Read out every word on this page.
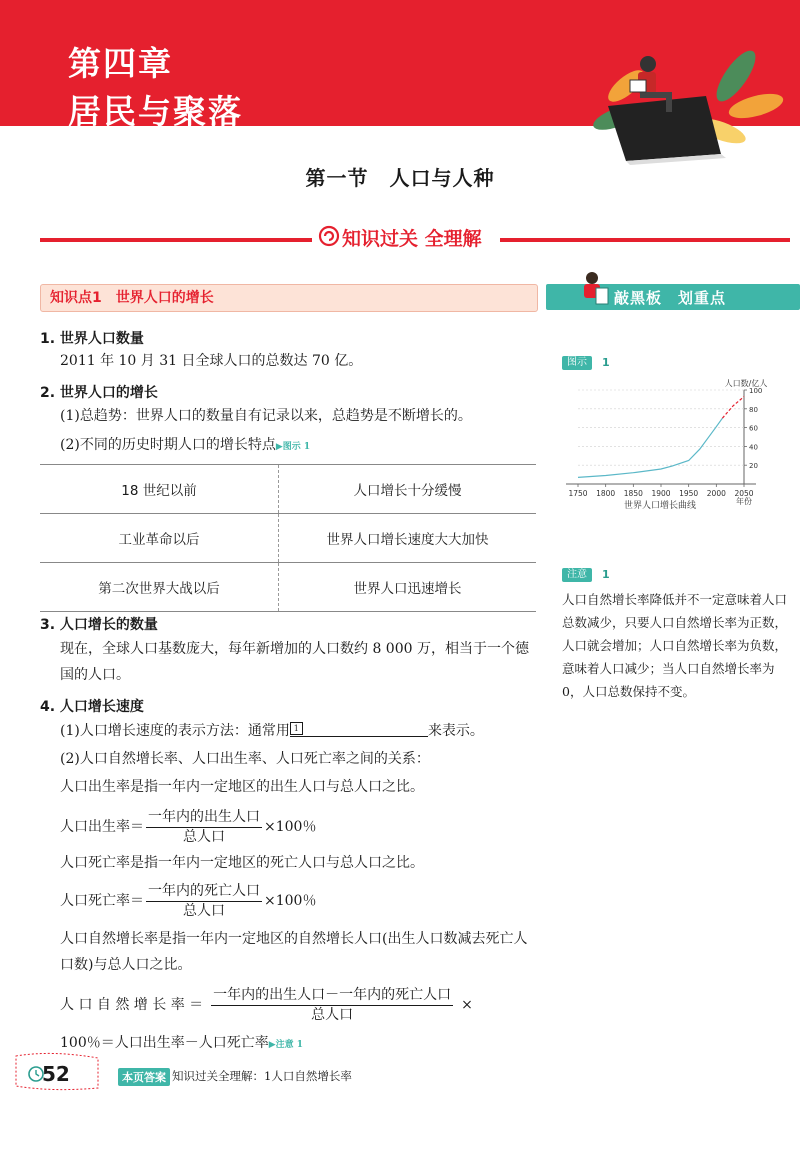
第四章
居民与聚落
第一节　人口与人种
知识过关 全理解
知识点1　世界人口的增长	敲黑板　划重点
图示	1
20
40
60
80
100
1750 1800 1850 1900 1950 2000 2050
人口数/亿人
年份
世界人口增长曲线
注意	1
人口自然增长率降低并不一定意味着人口总数减少，只要人口自然增长率为正数，人口就会增加；人口自然增长率为负数，意味着人口减少；当人口自然增长率为0，人口总数保持不变。
1. 世界人口数量
2011 年 10 月 31 日全球人口的总数达 70 亿。
2. 世界人口的增长
(1)总趋势：世界人口的数量自有记录以来，总趋势是不断增长的。
(2)不同的历史时期人口的增长特点▶图示 1
18 世纪以前	人口增长十分缓慢
工业革命以后	世界人口增长速度大大加快
第二次世界大战以后	世界人口迅速增长
3. 人口增长的数量
现在，全球人口基数庞大，每年新增加的人口数约 8 000 万，相当于一个德国的人口。
4. 人口增长速度
(1)人口增长速度的表示方法：通常用 1	来表示。
(2)人口自然增长率、人口出生率、人口死亡率之间的关系：
人口出生率是指一年内一定地区的出生人口与总人口之比。
人口出生率＝ $\frac{\text{一年内的出生人口}}{\text{总人口}} \times 100$％
人口死亡率是指一年内一定地区的死亡人口与总人口之比。
人口死亡率＝ $\frac{\text{一年内的死亡人口}}{\text{总人口}} \times 100$％
人口自然增长率是指一年内一定地区的自然增长人口(出生人口数减去死亡人口数)与总人口之比。
人 口 自 然 增 长 率 ＝ $\frac{\text{一年内的出生人口－一年内的死亡人口}}{\text{总人口}}$ ×
100％＝人口出生率－人口死亡率▶注意 1
52	本页答案 知识过关全理解：1人口自然增长率
